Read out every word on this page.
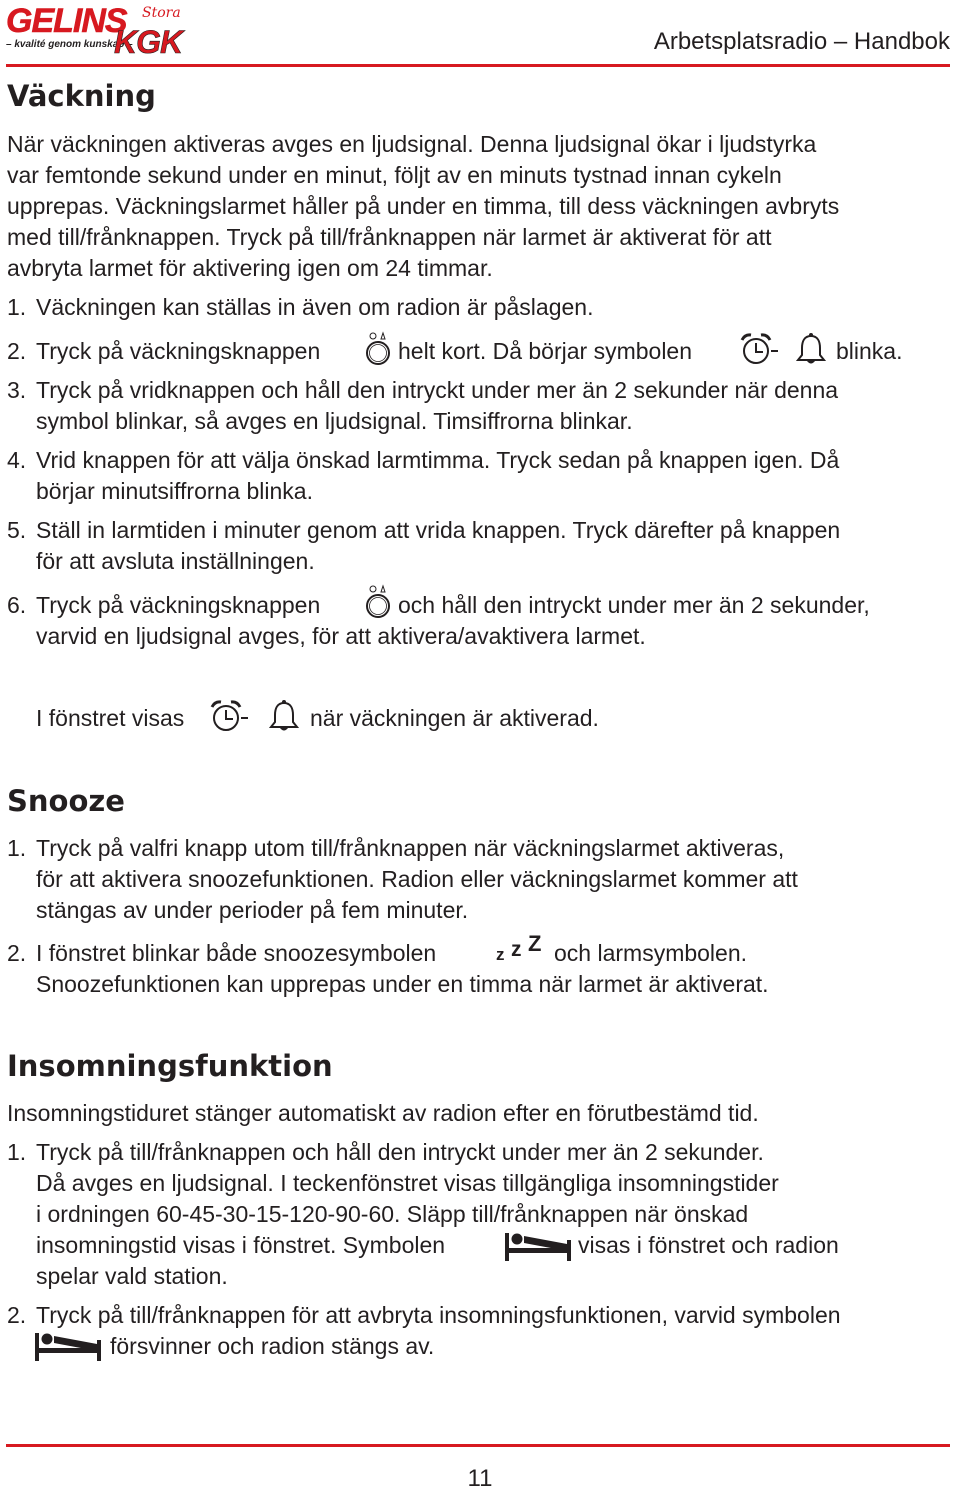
GELINS Stora
– kvalité genom kunskap –
KGK	Arbetsplatsradio – Handbok
Väckning
När väckningen aktiveras avges en ljudsignal. Denna ljudsignal ökar i ljudstyrka
var femtonde sekund under en minut, följt av en minuts tystnad innan cykeln
upprepas. Väckningslarmet håller på under en timma, till dess väckningen avbryts
med till/frånknappen. Tryck på till/frånknappen när larmet är aktiverat för att
avbryta larmet för aktivering igen om 24 timmar.
1. Väckningen kan ställas in även om radion är påslagen.
2. Tryck på väckningsknappen	helt kort. Då börjar symbolen	blinka.
3. Tryck på vridknappen och håll den intryckt under mer än 2 sekunder när denna
symbol blinkar, så avges en ljudsignal. Timsiffrorna blinkar.
4. Vrid knappen för att välja önskad larmtimma. Tryck sedan på knappen igen. Då
börjar minutsiffrorna blinka.
5. Ställ in larmtiden i minuter genom att vrida knappen. Tryck därefter på knappen
för att avsluta inställningen.
6. Tryck på väckningsknappen	och håll den intryckt under mer än 2 sekunder,
varvid en ljudsignal avges, för att aktivera/avaktivera larmet.
I fönstret visas	när väckningen är aktiverad.
Snooze
1. Tryck på valfri knapp utom till/frånknappen när väckningslarmet aktiveras,
för att aktivera snoozefunktionen. Radion eller väckningslarmet kommer att
stängas av under perioder på fem minuter.
2. I fönstret blinkar både snoozesymbolen	z z Z och larmsymbolen.
Snoozefunktionen kan upprepas under en timma när larmet är aktiverat.
Insomningsfunktion
Insomningstiduret stänger automatiskt av radion efter en förutbestämd tid.
1. Tryck på till/frånknappen och håll den intryckt under mer än 2 sekunder.
Då avges en ljudsignal. I teckenfönstret visas tillgängliga insomningstider
i ordningen 60-45-30-15-120-90-60. Släpp till/frånknappen när önskad
insomningstid visas i fönstret. Symbolen	visas i fönstret och radion
spelar vald station.
2. Tryck på till/frånknappen för att avbryta insomningsfunktionen, varvid symbolen
försvinner och radion stängs av.
11
